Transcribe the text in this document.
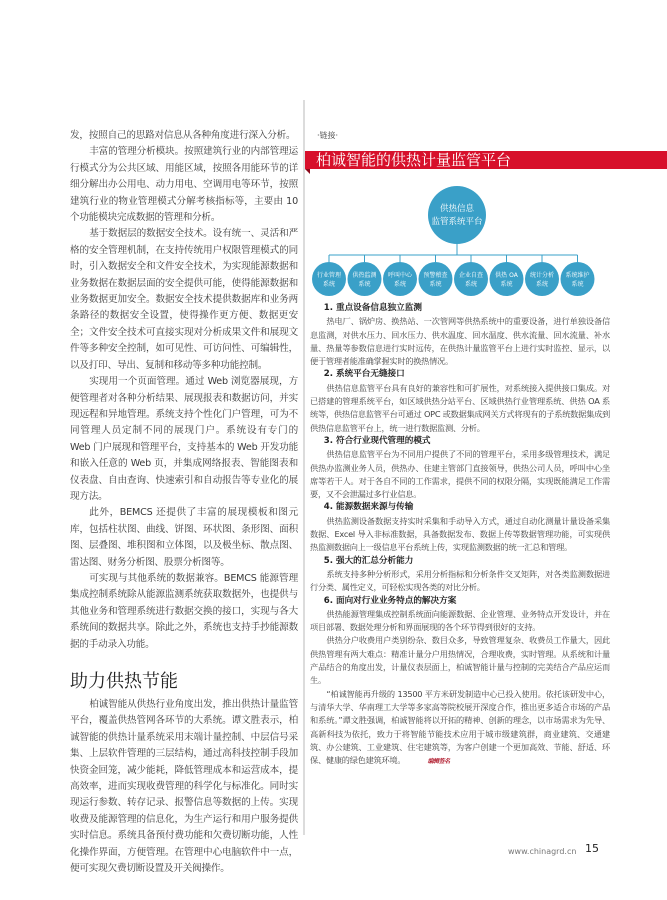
发，按照自己的思路对信息从各种角度进行深入分析。

丰富的管理分析模块。按照建筑行业的内部管理运行模式分为公共区域、用能区域，按照各用能环节的详细分解出办公用电、动力用电、空调用电等环节，按照建筑行业的物业管理模式分解考核指标等，主要由 10 个功能模块完成数据的管理和分析。

基于数据层的数据安全技术。设有统一、灵活和严格的安全管理机制，在支持传统用户权限管理模式的同时，引入数据安全和文件安全技术，为实现能源数据和业务数据在数据层面的安全提供可能，使得能源数据和业务数据更加安全。数据安全技术提供数据库和业务两条路径的数据安全设置，使得操作更方便、数据更安全；文件安全技术可直接实现对分析成果文件和展现文件等多种安全控制，如可见性、可访问性、可编辑性，以及打印、导出、复制和移动等多种功能控制。

实现用一个页面管理。通过 Web 浏览器展现，方便管理者对各种分析结果、展现报表和数据访问，并实现远程和异地管理。系统支持个性化门户管理，可为不同管理人员定制不同的展现门户。系统设有专门的 Web 门户展现和管理平台，支持基本的 Web 开发功能和嵌入任意的 Web 页，并集成网络报表、智能图表和仪表盘、自由查询、快速索引和自动报告等专业化的展现方法。

此外，BEMCS 还提供了丰富的展现模板和图元库，包括柱状图、曲线、饼图、环状图、条形图、面积图、层叠图、堆积图和立体图，以及极坐标、散点图、雷达图、财务分析图、股票分析图等。

可实现与其他系统的数据兼容。BEMCS 能源管理集成控制系统除从能源监测系统获取数据外，也提供与其他业务和管理系统进行数据交换的接口，实现与各大系统间的数据共享。除此之外，系统也支持手抄能源数据的手动录入功能。

助力供热节能

柏诚智能从供热行业角度出发，推出供热计量监管平台，覆盖供热管网各环节的大系统。谭文胜表示，柏诚智能的供热计量系统采用末端计量控制、中层信号采集、上层软件管理的三层结构，通过高科技控制手段加快资金回笼，减少能耗，降低管理成本和运营成本，提高效率，进而实现收费管理的科学化与标准化。同时实现运行参数、转存记录、报警信息等数据的上传。实现收费及能源管理的信息化，为生产运行和用户服务提供实时信息。系统具备预付费功能和欠费切断功能，人性化操作界面，方便管理。在管理中心电脑软件中一点，便可实现欠费切断设置及开关阀操作。

·链接·
柏诚智能的供热计量监管平台
供热信息
监管系统平台
行业管理
系统
供热监测
系统
呼叫中心
系统
预警稽查
系统
企业自查
系统
供热 OA
系统
统计分析
系统
系统维护
系统

1. 重点设备信息独立监测

热电厂、锅炉房、换热站、一次管网等供热系统中的重要设备，进行单独设备信息监测，对供水压力、回水压力、供水温度、回水温度、供水流量、回水流量、补水量、热量等参数信息进行实时远传，在供热计量监管平台上进行实时监控、显示，以便于管理者能准确掌握实时的换热情况。

2. 系统平台无缝接口

供热信息监管平台具有良好的兼容性和可扩展性，对系统接入提供接口集成。对已搭建的管理系统平台，如区域供热分站平台、区域供热行业管理系统、供热 OA 系统等，供热信息监管平台可通过 OPC 或数据集成网关方式将现有的子系统数据集成到供热信息监管平台上，统一进行数据监测、分析。

3. 符合行业现代管理的模式

供热信息监管平台为不同用户提供了不同的管理平台，采用多级管理技术，满足供热办监测业务人员，供热办、住建主管部门直接领导，供热公司人员，呼叫中心坐席等若干人。对于各自不同的工作需求，提供不同的权限分隔，实现既能满足工作需要，又不会泄漏过多行业信息。

4. 能源数据来源与传输

供热监测设备数据支持实时采集和手动导入方式，通过自动化测量计量设备采集数据、Excel 导入非标准数据，具备数据发布、数据上传等数据管理功能，可实现供热监测数据向上一级信息平台系统上传，实现监测数据的统一汇总和管理。

5. 强大的汇总分析能力

系统支持多种分析形式，采用分析指标和分析条件交叉矩阵，对各类监测数据进行分类、属性定义，可轻松实现各类的对比分析。

6. 面向对行业业务特点的解决方案

供热能源管理集成控制系统面向能源数据、企业管理、业务特点开发设计，并在项目部署、数据处理分析和界面展现的各个环节得到很好的支持。

供热分户收费用户类别纷杂、数目众多，导致管理复杂、收费员工作量大，因此供热管理有两大难点：精准计量分户用热情况，合理收费，实时管理。从系统和计量产品结合的角度出发，计量仪表层面上，柏诚智能计量与控制的完美结合产品应运而生。

“柏诚智能再升级的 13500 平方米研发制造中心已投入使用。依托该研发中心，与清华大学、华南理工大学等多家高等院校展开深度合作，推出更多适合市场的产品和系统。”谭文胜强调，柏诚智能将以开拓的精神、创新的理念，以市场需求为先导、高新科技为依托，致力于将智能节能技术应用于城市级建筑群，商业建筑、交通建筑、办公建筑、工业建筑、住宅建筑等，为客户创建一个更加高效、节能、舒适、环保、健康的绿色建筑环境。	编辑签名

www.chinagrd.cn 15
